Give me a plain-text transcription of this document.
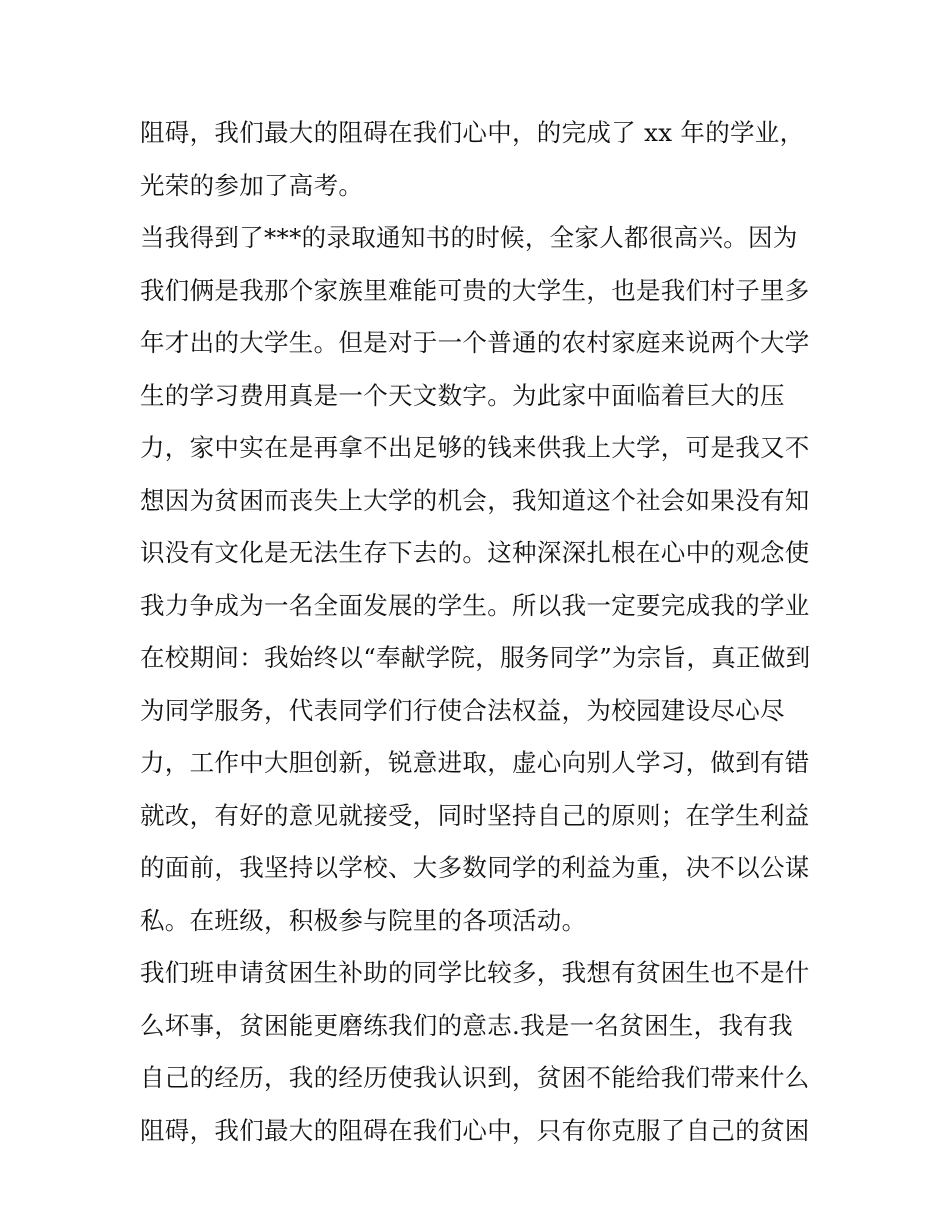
阻碍，我们最大的阻碍在我们心中，的完成了 xx 年的学业，
光荣的参加了高考。
当我得到了***的录取通知书的时候，全家人都很高兴。因为
我们俩是我那个家族里难能可贵的大学生，也是我们村子里多
年才出的大学生。但是对于一个普通的农村家庭来说两个大学
生的学习费用真是一个天文数字。为此家中面临着巨大的压
力，家中实在是再拿不出足够的钱来供我上大学，可是我又不
想因为贫困而丧失上大学的机会，我知道这个社会如果没有知
识没有文化是无法生存下去的。这种深深扎根在心中的观念使
我力争成为一名全面发展的学生。所以我一定要完成我的学业
在校期间：我始终以“奉献学院，服务同学”为宗旨，真正做到
为同学服务，代表同学们行使合法权益，为校园建设尽心尽
力，工作中大胆创新，锐意进取，虚心向别人学习，做到有错
就改，有好的意见就接受，同时坚持自己的原则；在学生利益
的面前，我坚持以学校、大多数同学的利益为重，决不以公谋
私。在班级，积极参与院里的各项活动。
我们班申请贫困生补助的同学比较多，我想有贫困生也不是什
么坏事，贫困能更磨练我们的意志.我是一名贫困生，我有我
自己的经历，我的经历使我认识到，贫困不能给我们带来什么
阻碍，我们最大的阻碍在我们心中，只有你克服了自己的贫困
